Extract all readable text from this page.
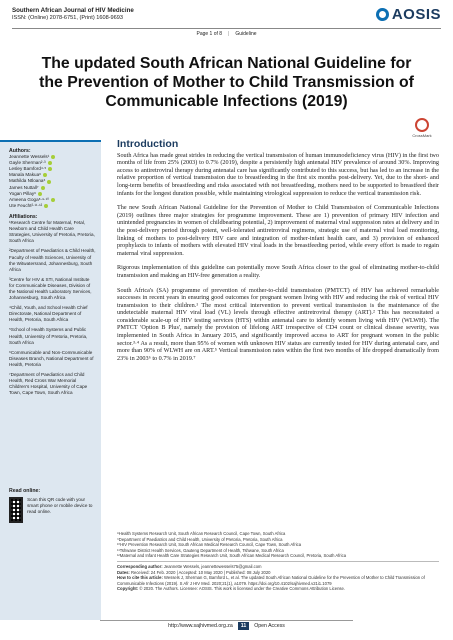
Southern African Journal of HIV Medicine
ISSN: (Online) 2078-6751, (Print) 1608-9693	AOSIS
Page 1 of 8 | Guideline
The updated South African National Guideline for the Prevention of Mother to Child Transmission of Communicable Infections (2019)
CrossMark
Authors:
Jeannette Wessels¹
Gayle Sherman²·³
Lesley Bamford⁴·⁵
Manala Makua⁶
Mathilda Ntloana⁶
James Nuttall⁷
Yogan Pillay⁶
Ameena Goga⁸·⁹·¹⁰
Ute Feucht²·¹¹·¹²
Affiliations:
¹Research Centre for Maternal, Fetal, Newborn and Child Health Care Strategies, University of Pretoria, Pretoria, South Africa
²Department of Paediatrics & Child Health, Faculty of Health Sciences, University of the Witwatersrand, Johannesburg, South Africa
³Centre for HIV & STI, National Institute for Communicable Diseases, Division of the National Health Laboratory Services, Johannesburg, South Africa
⁴Child, Youth, and School Health Chief Directorate, National Department of Health, Pretoria, South Africa
⁵School of Health Systems and Public Health, University of Pretoria, Pretoria, South Africa
⁶Communicable and Non-Communicable Diseases Branch, National Department of Health, Pretoria
⁷Department of Paediatrics and Child Health, Red Cross War Memorial Children's Hospital, University of Cape Town, Cape Town, South Africa
Read online:
Scan this QR code with your smart phone or mobile device to read online.
Introduction

South Africa has made great strides in reducing the vertical transmission of human immunodeficiency virus (HIV) in the first two months of life from 25% (2003) to 0.7% (2019), despite a persistently high antenatal HIV prevalence of around 30%. Improving access to antiretroviral therapy during antenatal care has significantly contributed to this success, but has led to an increase in the relative proportion of vertical transmission due to breastfeeding in the first six months post-delivery. Yet, due to the short- and long-term benefits of breastfeeding and risks associated with not breastfeeding, mothers need to be supported to breastfeed their infants for the longest duration possible, while maintaining virological suppression to reduce the vertical transmission risk.

The new South African National Guideline for the Prevention of Mother to Child Transmission of Communicable Infections (2019) outlines three major strategies for programme improvement. These are 1) prevention of primary HIV infection and unintended pregnancies in women of childbearing potential, 2) improvement of maternal viral suppression rates at delivery and in the post-delivery period through potent, well-tolerated antiretroviral regimens, strategic use of maternal viral load monitoring, linking of mothers to post-delivery HIV care and integration of mother-infant health care, and 3) provision of enhanced prophylaxis to infants of mothers with elevated HIV viral loads in the breastfeeding period, while every effort is made to regain maternal viral suppression.

Rigorous implementation of this guideline can potentially move South Africa closer to the goal of eliminating mother-to-child transmission and making an HIV-free generation a reality.

South Africa's (SA) programme of prevention of mother-to-child transmission (PMTCT) of HIV has achieved remarkable successes in recent years in ensuring good outcomes for pregnant women living with HIV and reducing the risk of vertical HIV transmission to their children.¹ The most critical intervention to prevent vertical transmission is the maintenance of the undetectable maternal HIV viral load (VL) levels through effective antiretroviral therapy (ART).² This has necessitated a considerable scale-up of HIV testing services (HTS) within antenatal care to identify women living with HIV (WLWH). The PMTCT 'Option B Plus', namely the provision of lifelong ART irrespective of CD4 count or clinical disease severity, was implemented in South Africa in January 2015, and significantly improved access to ART for pregnant women in the public sector.³·⁴ As a result, more than 95% of women with unknown HIV status are currently tested for HIV during antenatal care, and more than 90% of WLWH are on ART.⁵ Vertical transmission rates within the first two months of life dropped dramatically from 23% in 2003⁶ to 0.7% in 2019.⁷

⁸Health Systems Research Unit, South African Research Council, Cape Town, South Africa
⁹Department of Paediatrics and Child Health, University of Pretoria, Pretoria, South Africa
¹⁰HIV Prevention Research Unit, South African Medical Research Council, Cape Town, South Africa
¹¹Tshwane District Health Services, Gauteng Department of Health, Tshwane, South Africa
¹²Maternal and Infant Health Care Strategies Research Unit, South African Medical Research Council, Pretoria, South Africa
Corresponding author: Jeannette Wessels, jeannettewessels75@gmail.com
Dates: Received: 24 Feb. 2020 | Accepted: 10 May 2020 | Published: 08 July 2020
How to cite this article: Wessels J, Sherman G, Bamford L, et al. The updated South African National Guideline for the Prevention of Mother to Child Transmission of Communicable Infections (2019). S Afr J HIV Med. 2020;21(1), a1079. https://doi.org/10.4102/sajhivmed.v21i1.1079
Copyright: © 2020. The Authors. Licensee: AOSIS. This work is licensed under the Creative Commons Attribution License.
http://www.sajhivmed.org.za	11	Open Access
